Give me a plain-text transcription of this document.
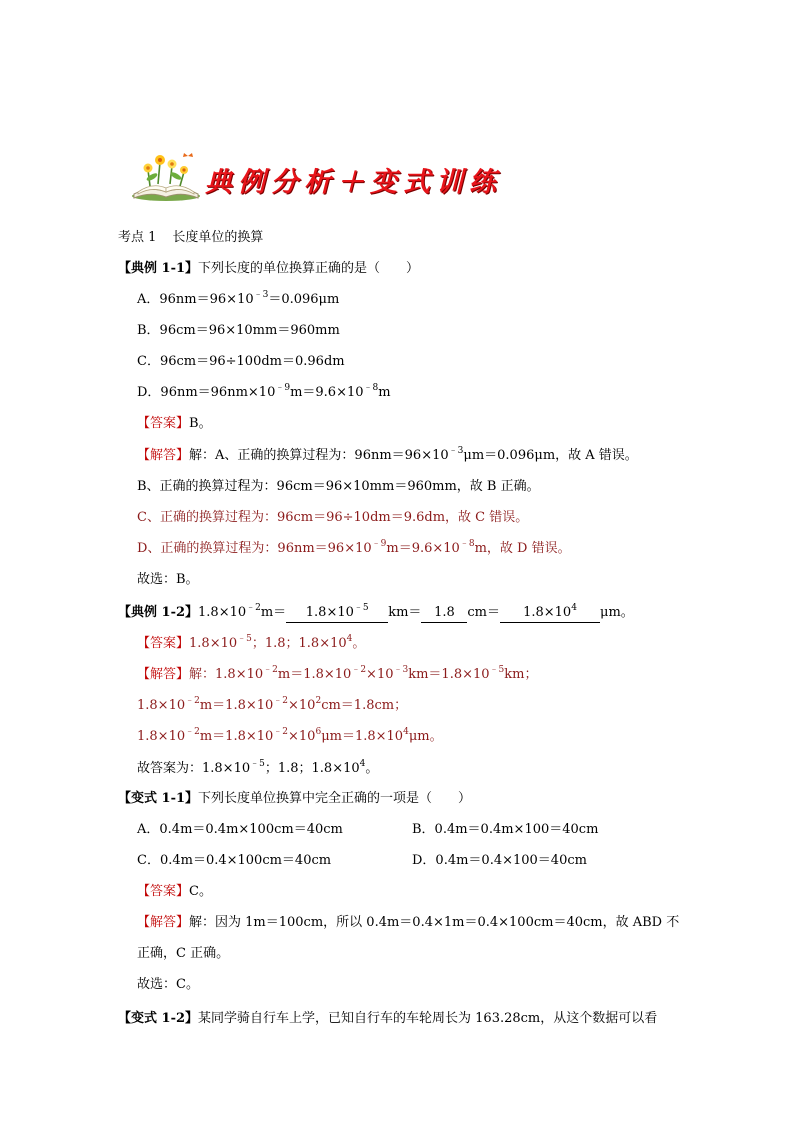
典例分析＋变式训练
考点 1 长度单位的换算
【典例 1-1】下列长度的单位换算正确的是（　　）
A．$96nm=96\times 10^{﹣3}=0.096\mu m$
B．96cm＝96×10mm＝960mm
C．96cm＝96÷100dm＝0.96dm
D．$96nm=96nm\times 10^{﹣9}m=9.6\times 10^{﹣8}m$
【答案】B。
【解答】解：A、正确的换算过程为：$96nm=96\times 10^{﹣3}\mu m=0.096\mu m$，故 A 错误。
B、正确的换算过程为：96cm＝96×10mm＝960mm，故 B 正确。
C、正确的换算过程为：96cm＝96÷10dm＝9.6dm，故 C 错误。
D、正确的换算过程为：$96nm=96\times 10^{﹣9}m=9.6\times 10^{﹣8}m$，故 D 错误。
故选：B。
【典例 1-2】$1.8\times 10^{﹣2}m= 1.8\times 10^{﹣5}$ km＝ 1.8 $cm= 1.8\times 10^4$ μm。
【答案】$1.8\times 10^{﹣5}$；1.8；$1.8\times 10^4$。
【解答】解：$1.8\times 10^{﹣2}m=1.8\times 10^{﹣2}\times 10^{﹣3}km=1.8\times 10^{﹣5}km$；
$1.8\times 10^{﹣2}m=1.8\times 10^{﹣2}\times 10^2cm=1.8cm$；
$1.8\times 10^{﹣2}m=1.8\times 10^{﹣2}\times 10^6\mu m=1.8\times 10^4\mu m$。
故答案为：$1.8\times 10^{﹣5}$；1.8；$1.8\times 10^4$。
【变式 1-1】下列长度单位换算中完全正确的一项是（　　）
A．0.4m＝0.4m×100cm＝40cm	B．0.4m＝0.4m×100＝40cm
C．0.4m＝0.4×100cm＝40cm	D．0.4m＝0.4×100＝40cm
【答案】C。
【解答】解：因为 1m＝100cm，所以 0.4m＝0.4×1m＝0.4×100cm＝40cm，故 ABD 不
正确，C 正确。
故选：C。
【变式 1-2】某同学骑自行车上学，已知自行车的车轮周长为 163.28cm，从这个数据可以看
